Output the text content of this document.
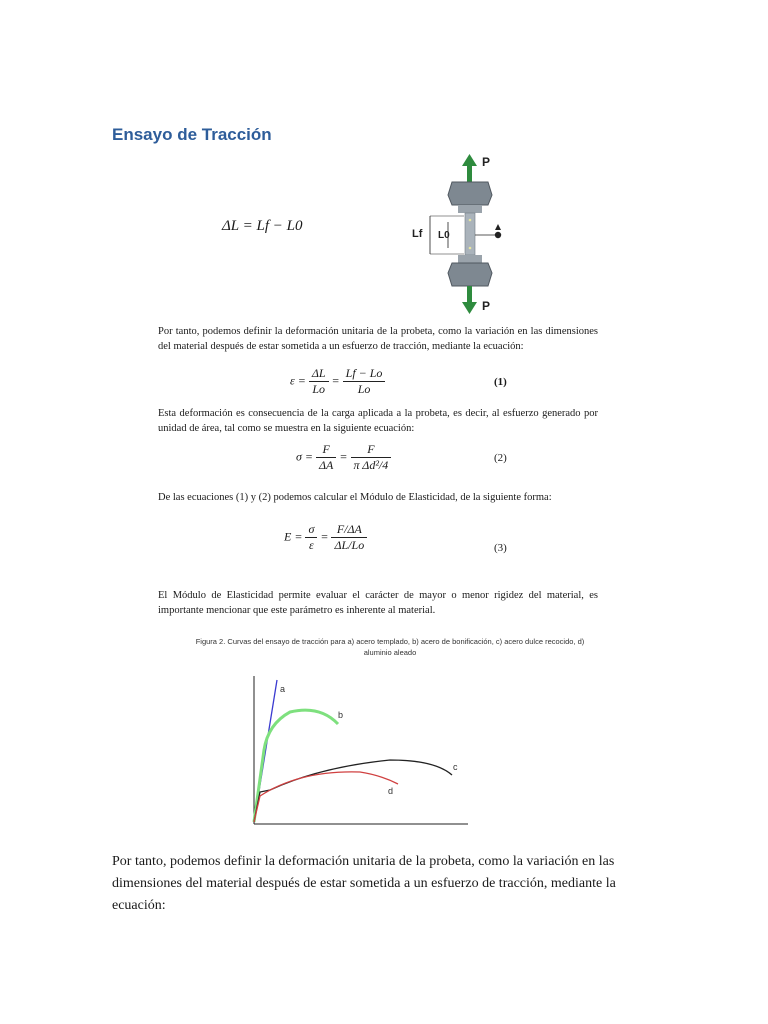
Ensayo de Tracción
ΔL = Lf − L0
P
P
Lf L0
Por tanto, podemos definir la deformación unitaria de la probeta, como la variación en las dimensiones del material después de estar sometida a un esfuerzo de tracción, mediante la ecuación:
$\varepsilon = \frac{\Delta L}{Lo} = \frac{Lf - Lo}{Lo}$	(1)
Esta deformación es consecuencia de la carga aplicada a la probeta, es decir, al esfuerzo generado por unidad de área, tal como se muestra en la siguiente ecuación:
$\sigma = \frac{F}{\Delta A} = \frac{F}{\text{π Δd²/4}}$	(2)
De las ecuaciones (1) y (2) podemos calcular el Módulo de Elasticidad, de la siguiente forma:
$E = \frac{\sigma}{\varepsilon} = \frac{F/\Delta A}{\Delta L/Lo}$	(3)
El Módulo de Elasticidad permite evaluar el carácter de mayor o menor rigidez del material, es importante mencionar que este parámetro es inherente al material.
Figura 2. Curvas del ensayo de tracción para a) acero templado, b) acero de bonificación, c) acero dulce recocido, d) aluminio aleado
a
b
c
d
Por tanto, podemos definir la deformación unitaria de la probeta, como la variación en las dimensiones del material después de estar sometida a un esfuerzo de tracción, mediante la ecuación:
